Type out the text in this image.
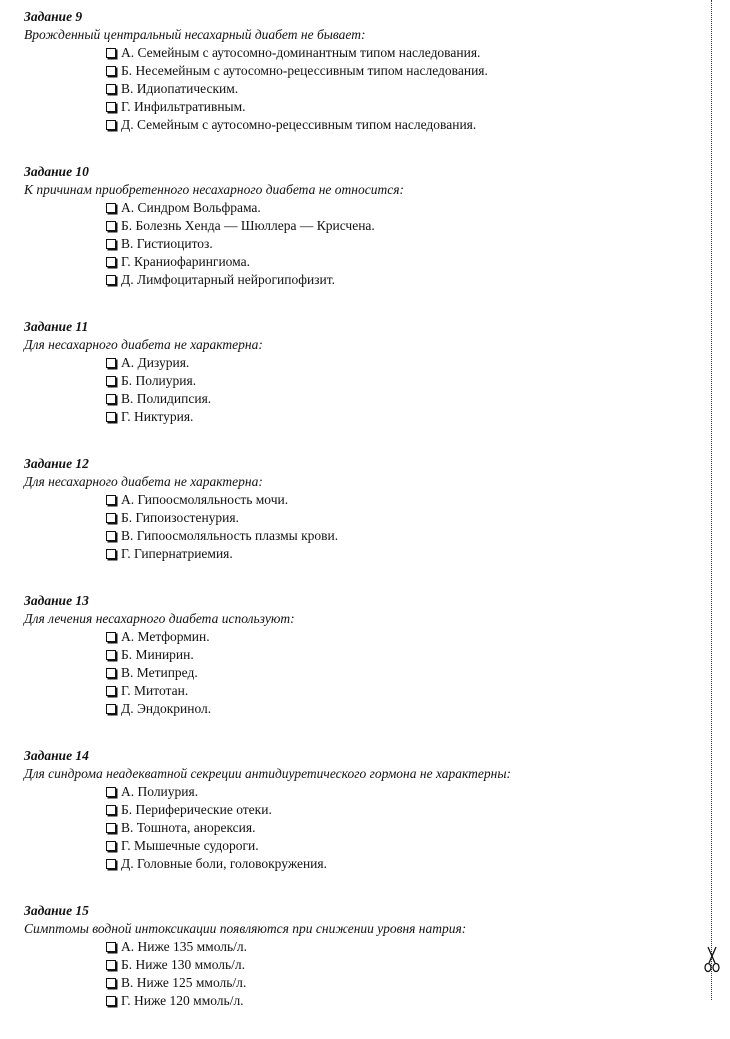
Задание 9
Врожденный центральный несахарный диабет не бывает:
А. Семейным с аутосомно-доминантным типом наследования.
Б. Несемейным с аутосомно-рецессивным типом наследования.
В. Идиопатическим.
Г. Инфильтративным.
Д. Семейным с аутосомно-рецессивным типом наследования.
Задание 10
К причинам приобретенного несахарного диабета не относится:
А. Синдром Вольфрама.
Б. Болезнь Хенда — Шюллера — Крисчена.
В. Гистиоцитоз.
Г. Краниофарингиома.
Д. Лимфоцитарный нейрогипофизит.
Задание 11
Для несахарного диабета не характерна:
А. Дизурия.
Б. Полиурия.
В. Полидипсия.
Г. Никтурия.
Задание 12
Для несахарного диабета не характерна:
А. Гипоосмоляльность мочи.
Б. Гипоизостенурия.
В. Гипоосмоляльность плазмы крови.
Г. Гипернатриемия.
Задание 13
Для лечения несахарного диабета используют:
А. Метформин.
Б. Минирин.
В. Метипред.
Г. Митотан.
Д. Эндокринол.
Задание 14
Для синдрома неадекватной секреции антидиуретического гормона не характерны:
А. Полиурия.
Б. Периферические отеки.
В. Тошнота, анорексия.
Г. Мышечные судороги.
Д. Головные боли, головокружения.
Задание 15
Симптомы водной интоксикации появляются при снижении уровня натрия:
А. Ниже 135 ммоль/л.
Б. Ниже 130 ммоль/л.
В. Ниже 125 ммоль/л.
Г. Ниже 120 ммоль/л.
